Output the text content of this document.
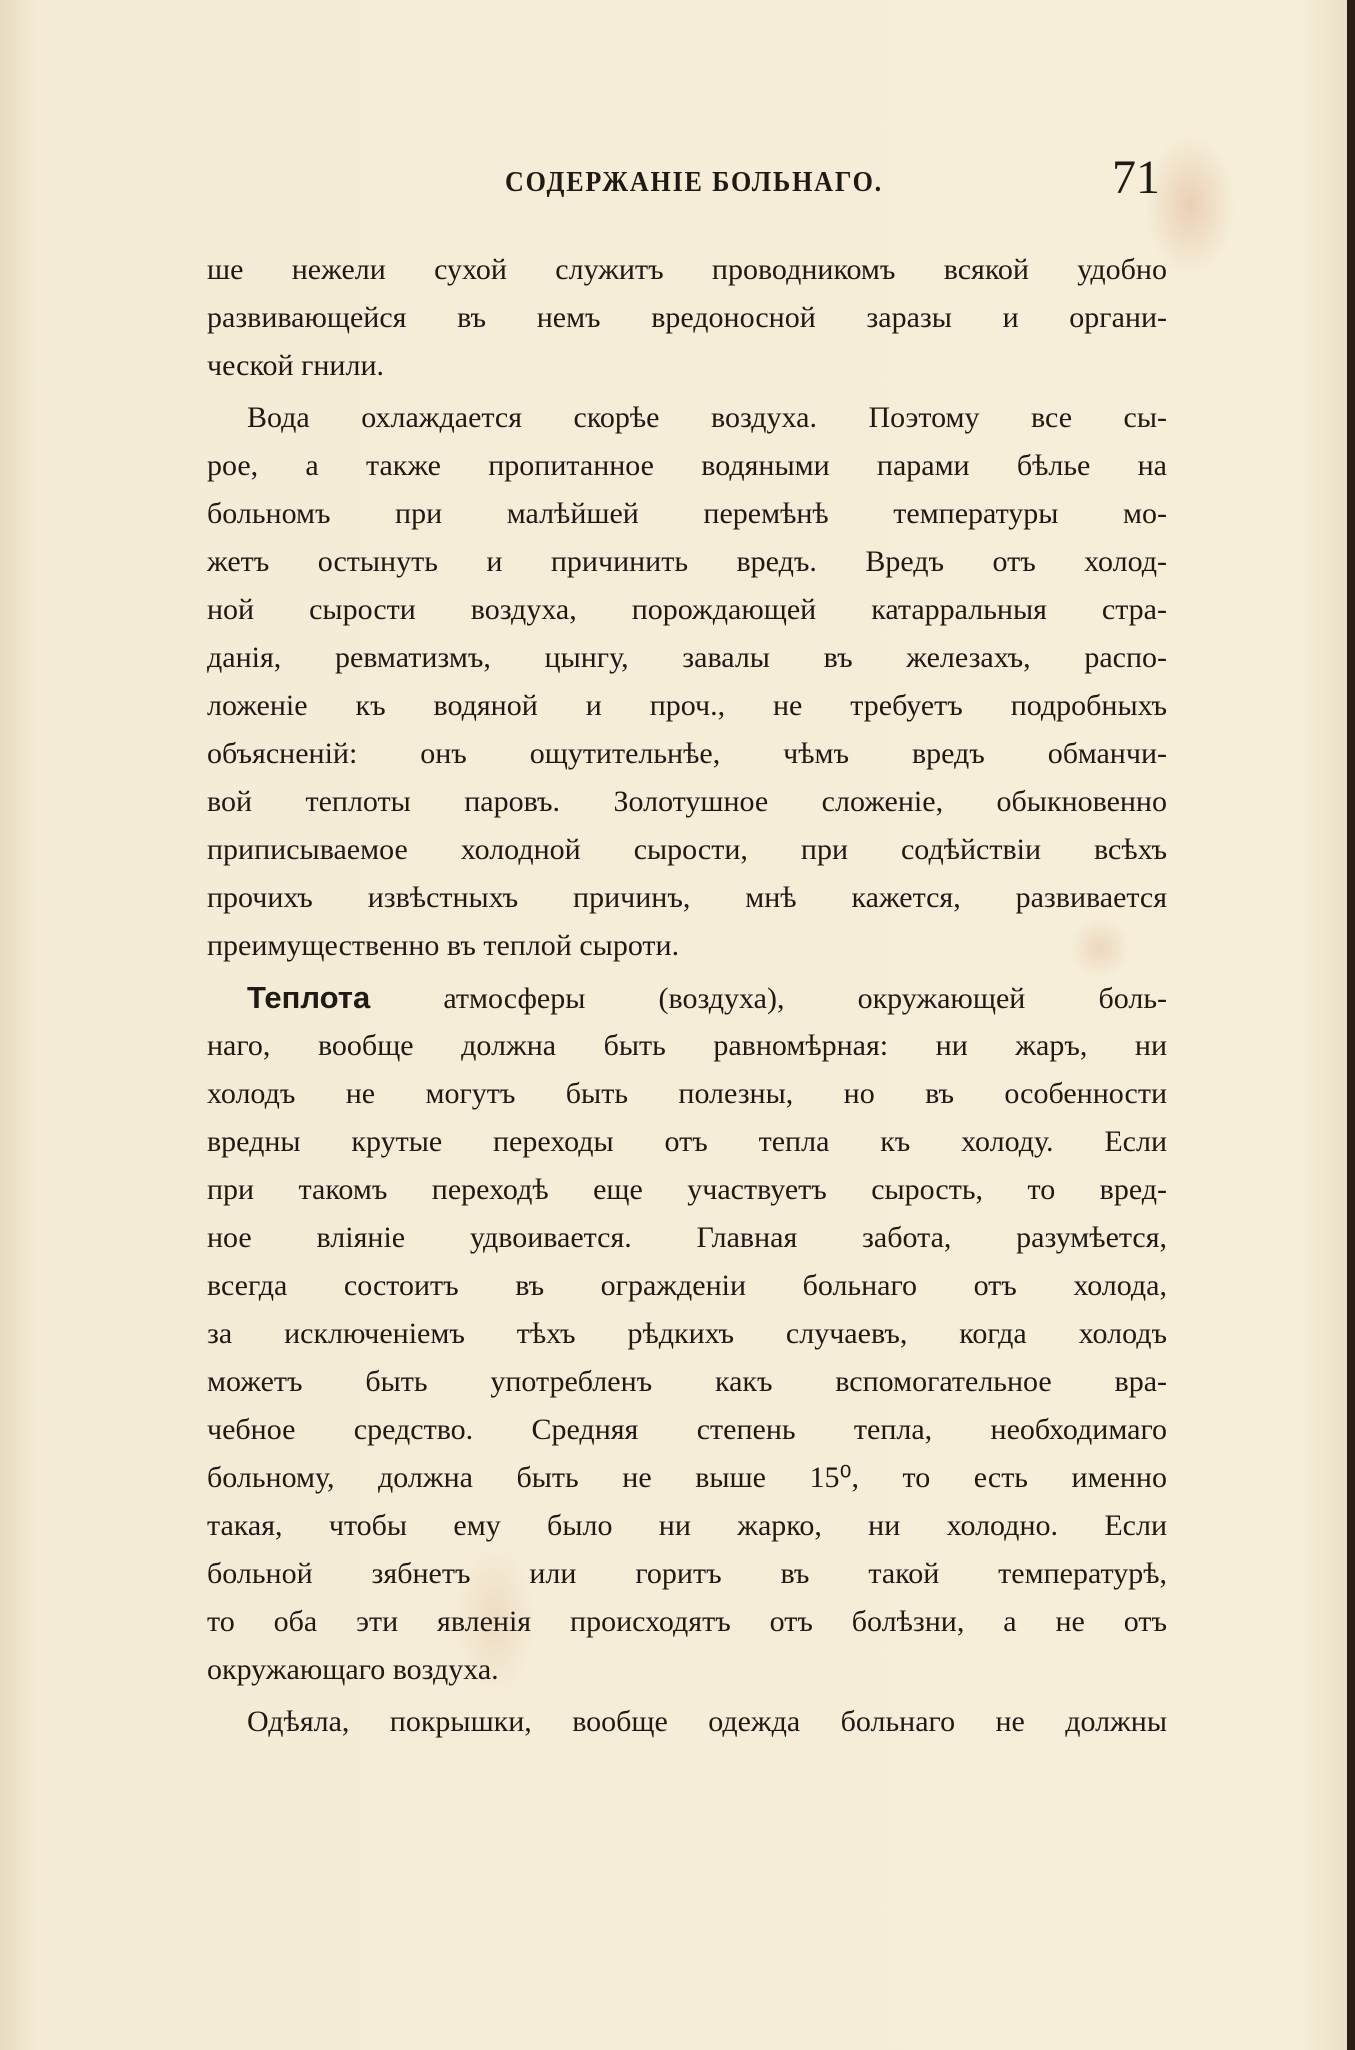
СОДЕРЖАНІЕ БОЛЬНАГО.	71
ше нежели сухой служитъ проводникомъ всякой удобно
развивающейся въ немъ вредоносной заразы и органи-
ческой гнили.
Вода охлаждается скорѣе воздуха. Поэтому все сы-
рое, а также пропитанное водяными парами бѣлье на
больномъ при малѣйшей перемѣнѣ температуры мо-
жетъ остынуть и причинить вредъ. Вредъ отъ холод-
ной сырости воздуха, порождающей катарральныя стра-
данія, ревматизмъ, цынгу, завалы въ железахъ, распо-
ложеніе къ водяной и проч., не требуетъ подробныхъ
объясненій: онъ ощутительнѣе, чѣмъ вредъ обманчи-
вой теплоты паровъ. Золотушное сложеніе, обыкновенно
приписываемое холодной сырости, при содѣйствіи всѣхъ
прочихъ извѣстныхъ причинъ, мнѣ кажется, развивается
преимущественно въ теплой сыроти.
Теплота атмосферы (воздуха), окружающей боль-
наго, вообще должна быть равномѣрная: ни жаръ, ни
холодъ не могутъ быть полезны, но въ особенности
вредны крутые переходы отъ тепла къ холоду. Если
при такомъ переходѣ еще участвуетъ сырость, то вред-
ное вліяніе удвоивается. Главная забота, разумѣется,
всегда состоитъ въ огражденіи больнаго отъ холода,
за исключеніемъ тѣхъ рѣдкихъ случаевъ, когда холодъ
можетъ быть употребленъ какъ вспомогательное вра-
чебное средство. Средняя степень тепла, необходимаго
больному, должна быть не выше 15⁰, то есть именно
такая, чтобы ему было ни жарко, ни холодно. Если
больной зябнетъ или горитъ въ такой температурѣ,
то оба эти явленія происходятъ отъ болѣзни, а не отъ
окружающаго воздуха.
Одѣяла, покрышки, вообще одежда больнаго не должны
